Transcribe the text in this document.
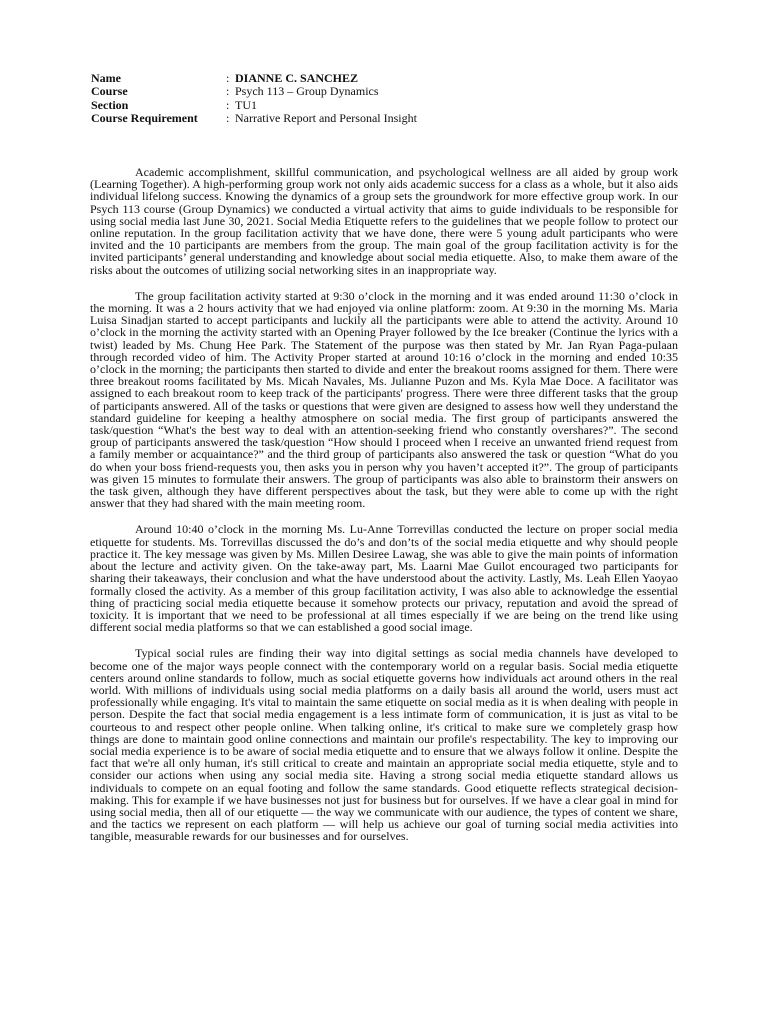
Name	: DIANNE C. SANCHEZ
Course	: Psych 113 – Group Dynamics
Section	: TU1
Course Requirement	: Narrative Report and Personal Insight

Academic accomplishment, skillful communication, and psychological wellness are all aided by group work (Learning Together). A high-performing group work not only aids academic success for a class as a whole, but it also aids individual lifelong success. Knowing the dynamics of a group sets the groundwork for more effective group work. In our Psych 113 course (Group Dynamics) we conducted a virtual activity that aims to guide individuals to be responsible for using social media last June 30, 2021. Social Media Etiquette refers to the guidelines that we people follow to protect our online reputation. In the group facilitation activity that we have done, there were 5 young adult participants who were invited and the 10 participants are members from the group. The main goal of the group facilitation activity is for the invited participants’ general understanding and knowledge about social media etiquette. Also, to make them aware of the risks about the outcomes of utilizing social networking sites in an inappropriate way.

The group facilitation activity started at 9:30 o’clock in the morning and it was ended around 11:30 o’clock in the morning. It was a 2 hours activity that we had enjoyed via online platform: zoom. At 9:30 in the morning Ms. Maria Luisa Sinadjan started to accept participants and luckily all the participants were able to attend the activity. Around 10 o’clock in the morning the activity started with an Opening Prayer followed by the Ice breaker (Continue the lyrics with a twist) leaded by Ms. Chung Hee Park. The Statement of the purpose was then stated by Mr. Jan Ryan Paga-pulaan through recorded video of him. The Activity Proper started at around 10:16 o’clock in the morning and ended 10:35 o’clock in the morning; the participants then started to divide and enter the breakout rooms assigned for them. There were three breakout rooms facilitated by Ms. Micah Navales, Ms. Julianne Puzon and Ms. Kyla Mae Doce. A facilitator was assigned to each breakout room to keep track of the participants' progress. There were three different tasks that the group of participants answered. All of the tasks or questions that were given are designed to assess how well they understand the standard guideline for keeping a healthy atmosphere on social media. The first group of participants answered the task/question “What's the best way to deal with an attention-seeking friend who constantly overshares?”. The second group of participants answered the task/question “How should I proceed when I receive an unwanted friend request from a family member or acquaintance?” and the third group of participants also answered the task or question “What do you do when your boss friend-requests you, then asks you in person why you haven’t accepted it?”. The group of participants was given 15 minutes to formulate their answers. The group of participants was also able to brainstorm their answers on the task given, although they have different perspectives about the task, but they were able to come up with the right answer that they had shared with the main meeting room.

Around 10:40 o’clock in the morning Ms. Lu-Anne Torrevillas conducted the lecture on proper social media etiquette for students. Ms. Torrevillas discussed the do’s and don’ts of the social media etiquette and why should people practice it. The key message was given by Ms. Millen Desiree Lawag, she was able to give the main points of information about the lecture and activity given. On the take-away part, Ms. Laarni Mae Guilot encouraged two participants for sharing their takeaways, their conclusion and what the have understood about the activity. Lastly, Ms. Leah Ellen Yaoyao formally closed the activity. As a member of this group facilitation activity, I was also able to acknowledge the essential thing of practicing social media etiquette because it somehow protects our privacy, reputation and avoid the spread of toxicity. It is important that we need to be professional at all times especially if we are being on the trend like using different social media platforms so that we can established a good social image.

Typical social rules are finding their way into digital settings as social media channels have developed to become one of the major ways people connect with the contemporary world on a regular basis. Social media etiquette centers around online standards to follow, much as social etiquette governs how individuals act around others in the real world. With millions of individuals using social media platforms on a daily basis all around the world, users must act professionally while engaging. It's vital to maintain the same etiquette on social media as it is when dealing with people in person. Despite the fact that social media engagement is a less intimate form of communication, it is just as vital to be courteous to and respect other people online. When talking online, it's critical to make sure we completely grasp how things are done to maintain good online connections and maintain our profile's respectability. The key to improving our social media experience is to be aware of social media etiquette and to ensure that we always follow it online. Despite the fact that we're all only human, it's still critical to create and maintain an appropriate social media etiquette, style and to consider our actions when using any social media site. Having a strong social media etiquette standard allows us individuals to compete on an equal footing and follow the same standards. Good etiquette reflects strategical decision-making. This for example if we have businesses not just for business but for ourselves. If we have a clear goal in mind for using social media, then all of our etiquette — the way we communicate with our audience, the types of content we share, and the tactics we represent on each platform — will help us achieve our goal of turning social media activities into tangible, measurable rewards for our businesses and for ourselves.
